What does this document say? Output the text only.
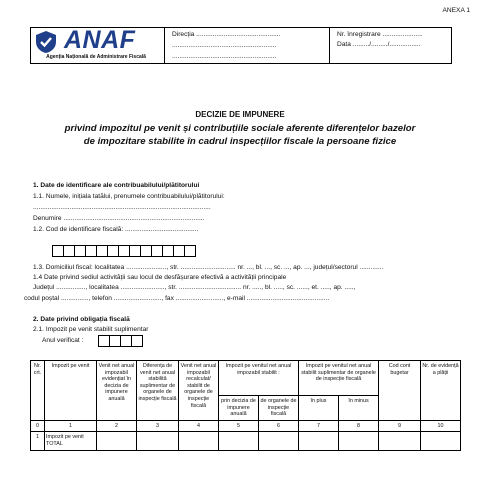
ANEXA 1
ANAF
Agenția Națională de Administrare Fiscală
Direcția ..............................................
.........................................................
.........................................................
Nr. înregistrare ......................
Data ........./........./.................
DECIZIE DE IMPUNERE
privind impozitul pe venit și contribuțiile sociale aferente diferențelor bazelor
de impozitare stabilite în cadrul inspecțiilor fiscale la persoane fizice
1. Date de identificare ale contribuabilului/plătitorului
1.1. Numele, inițiala tatălui, prenumele contribuabilului/plătitorului:
.................................................................................................
Denumire .............................................................................
1.2. Cod de identificare fiscală: ........................................
1.3. Domiciliul fiscal: localitatea ......................, str. .............................. nr. ..., bl. ..., sc. ..., ap. ..., județul/sectorul .............
1.4 Date privind sediul activității sau locul de desfășurare efectivă a activității principale
Județul ................, localitatea ........................, str. .................................. nr. ....., bl. ....., sc. ......, et. ....., ap. .....,
codul poștal ..............., telefon .........................., fax .........................., e-mail .............................................
2. Date privind obligația fiscală
2.1. Impozit pe venit stabilit suplimentar
Anul verificat :
Nr. crt.	Impozit pe venit	Venit net anual impozabil evidențiat în decizia de impunere anuală	Diferența de venit net anual stabilită suplimentar de organele de inspecție fiscală	Venit net anual impozabil recalculat/ stabilit de organele de inspecție fiscală	Impozit pe venitul net anual impozabil stabilit :		Impozit pe venitul net anual stabilit suplimentar de organele de inspecție fiscală		Cod cont bugetar	Nr. de evidență a plății
					prin decizia de impunere anuală	de organele de inspecție fiscală	în plus	în minus		
0	1	2	3	4	5	6	7	8	9	10
1	Impozit pe venit TOTAL									
